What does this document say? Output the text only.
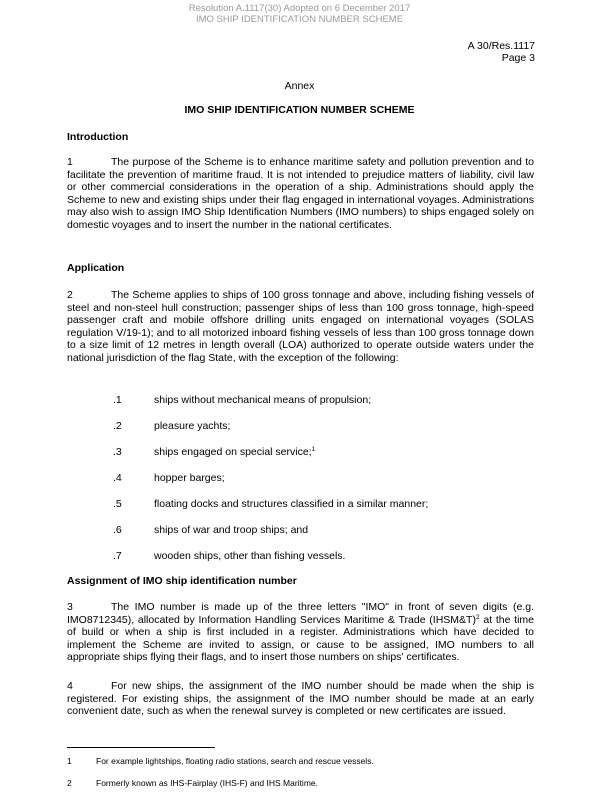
Resolution A.1117(30) Adopted on 6 December 2017
IMO SHIP IDENTIFICATION NUMBER SCHEME
A 30/Res.1117
Page 3
Annex
IMO SHIP IDENTIFICATION NUMBER SCHEME
Introduction

1	The purpose of the Scheme is to enhance maritime safety and pollution prevention and to facilitate the prevention of maritime fraud. It is not intended to prejudice matters of liability, civil law or other commercial considerations in the operation of a ship. Administrations should apply the Scheme to new and existing ships under their flag engaged in international voyages. Administrations may also wish to assign IMO Ship Identification Numbers (IMO numbers) to ships engaged solely on domestic voyages and to insert the number in the national certificates.

Application

2	The Scheme applies to ships of 100 gross tonnage and above, including fishing vessels of steel and non-steel hull construction; passenger ships of less than 100 gross tonnage, high-speed passenger craft and mobile offshore drilling units engaged on international voyages (SOLAS regulation V/19-1); and to all motorized inboard fishing vessels of less than 100 gross tonnage down to a size limit of 12 metres in length overall (LOA) authorized to operate outside waters under the national jurisdiction of the flag State, with the exception of the following:

.1	ships without mechanical means of propulsion;
.2	pleasure yachts;
.3	ships engaged on special service;$^1$
.4	hopper barges;
.5	floating docks and structures classified in a similar manner;
.6	ships of war and troop ships; and
.7	wooden ships, other than fishing vessels.
Assignment of IMO ship identification number

3	The IMO number is made up of the three letters "IMO" in front of seven digits (e.g. IMO8712345), allocated by Information Handling Services Maritime & Trade (IHSM&T)$^2$ at the time of build or when a ship is first included in a register. Administrations which have decided to implement the Scheme are invited to assign, or cause to be assigned, IMO numbers to all appropriate ships flying their flags, and to insert those numbers on ships' certificates.

4	For new ships, the assignment of the IMO number should be made when the ship is registered. For existing ships, the assignment of the IMO number should be made at an early convenient date, such as when the renewal survey is completed or new certificates are issued.

1	For example lightships, floating radio stations, search and rescue vessels.
2	Formerly known as IHS-Fairplay (IHS-F) and IHS Maritime.
